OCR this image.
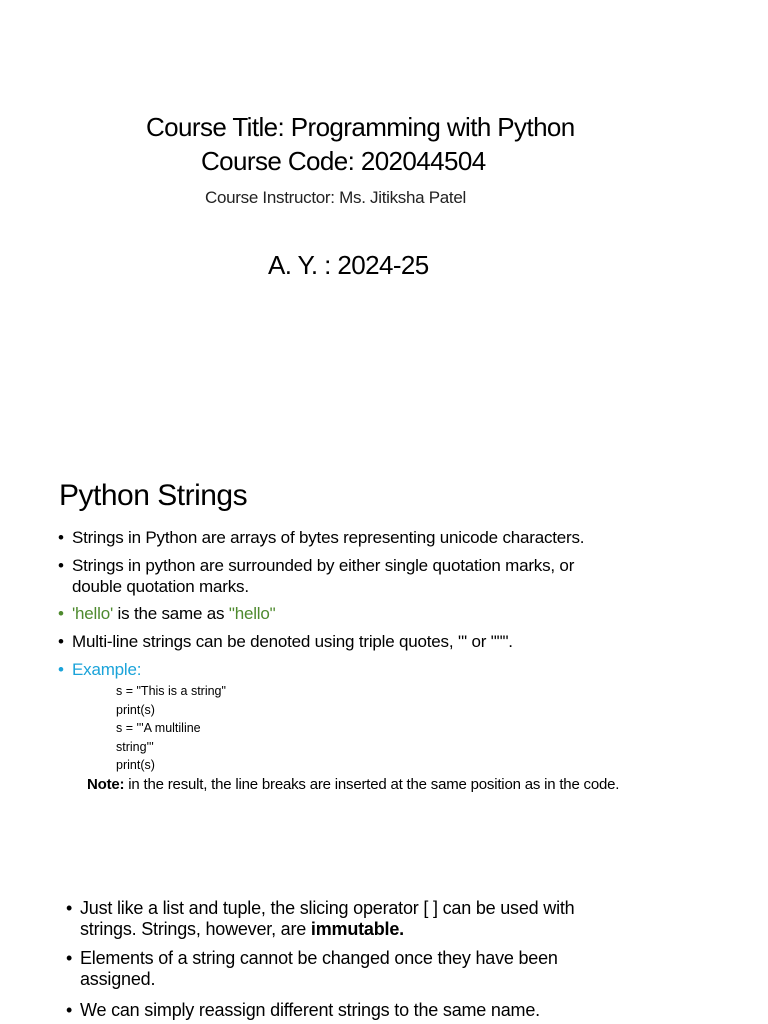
Course Title: Programming with Python
Course Code: 202044504
Course Instructor: Ms. Jitiksha Patel
A. Y. : 2024-25
Python Strings
• Strings in Python are arrays of bytes representing unicode characters.
• Strings in python are surrounded by either single quotation marks, or
double quotation marks.
• 'hello' is the same as "hello"
• Multi-line strings can be denoted using triple quotes, ''' or """.
• Example:
s = "This is a string"
print(s)
s = '''A multiline
string'''
print(s)
Note: in the result, the line breaks are inserted at the same position as in the code.
• Just like a list and tuple, the slicing operator [ ] can be used with
strings. Strings, however, are immutable.
• Elements of a string cannot be changed once they have been
assigned.
• We can simply reassign different strings to the same name.
